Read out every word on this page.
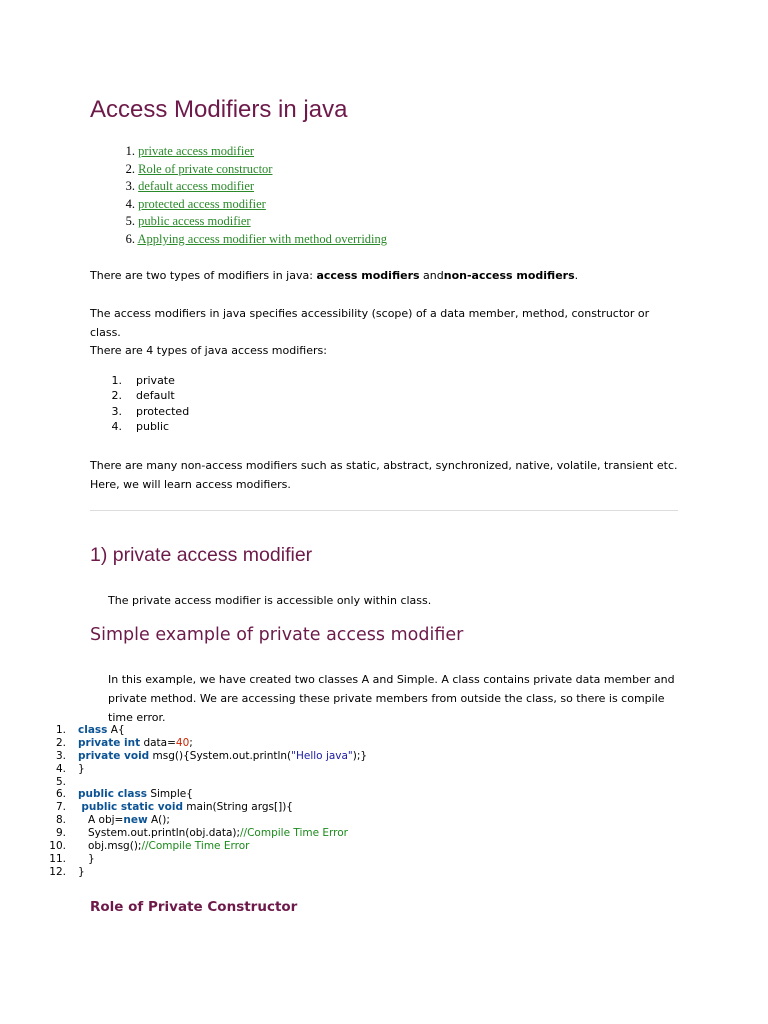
Access Modifiers in java
1. private access modifier
2. Role of private constructor
3. default access modifier
4. protected access modifier
5. public access modifier
6. Applying access modifier with method overriding

There are two types of modifiers in java: access modifiers andnon-access modifiers.

The access modifiers in java specifies accessibility (scope) of a data member, method, constructor or class.

There are 4 types of java access modifiers:

1. private
2. default
3. protected
4. public

There are many non-access modifiers such as static, abstract, synchronized, native, volatile, transient etc. Here, we will learn access modifiers.

1) private access modifier

The private access modifier is accessible only within class.

Simple example of private access modifier

In this example, we have created two classes A and Simple. A class contains private data member and private method. We are accessing these private members from outside the class, so there is compile time error.

1. class A{
2. private int data=40;
3. private void msg(){System.out.println("Hello java");}
4. }
5.
6. public class Simple{
7. public static void main(String args[]){
8.   A obj=new A();
9.   System.out.println(obj.data);//Compile Time Error
10.   obj.msg();//Compile Time Error
11.   }
12. }
Role of Private Constructor
